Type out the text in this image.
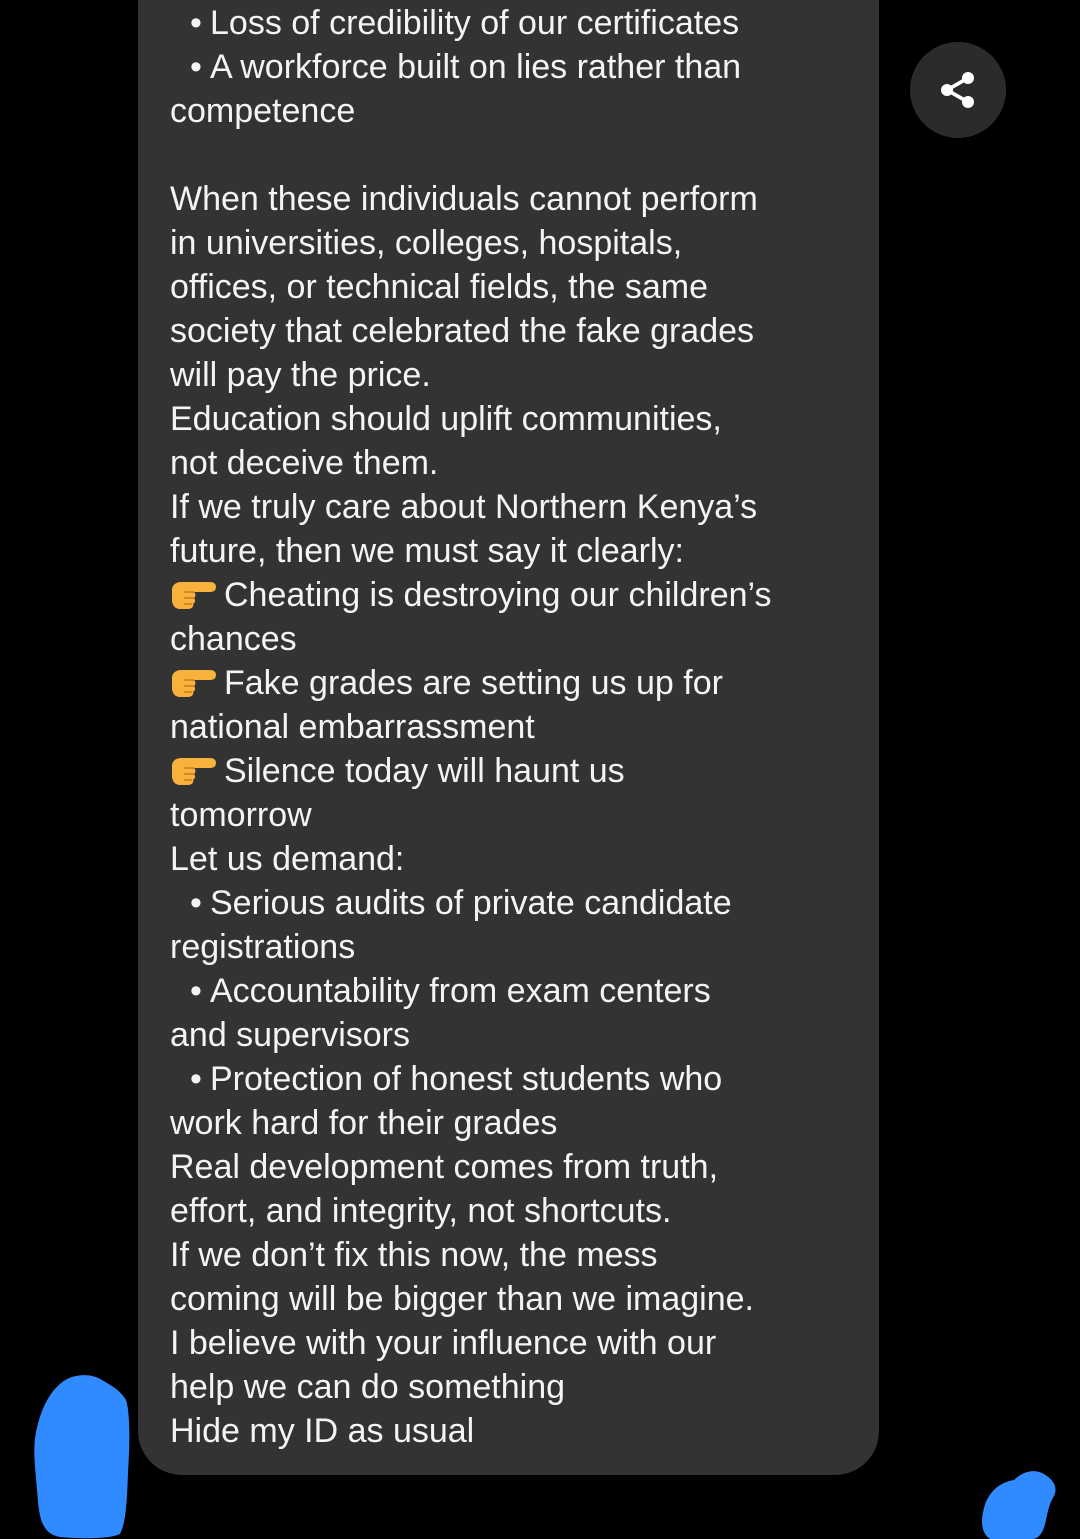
• Loss of credibility of our certificates
• A workforce built on lies rather than
competence
When these individuals cannot perform
in universities, colleges, hospitals,
offices, or technical fields, the same
society that celebrated the fake grades
will pay the price.
Education should uplift communities,
not deceive them.
If we truly care about Northern Kenya’s
future, then we must say it clearly:
Cheating is destroying our children’s
chances
Fake grades are setting us up for
national embarrassment
Silence today will haunt us
tomorrow
Let us demand:
• Serious audits of private candidate
registrations
• Accountability from exam centers
and supervisors
• Protection of honest students who
work hard for their grades
Real development comes from truth,
effort, and integrity, not shortcuts.
If we don’t fix this now, the mess
coming will be bigger than we imagine.
I believe with your influence with our
help we can do something
Hide my ID as usual
